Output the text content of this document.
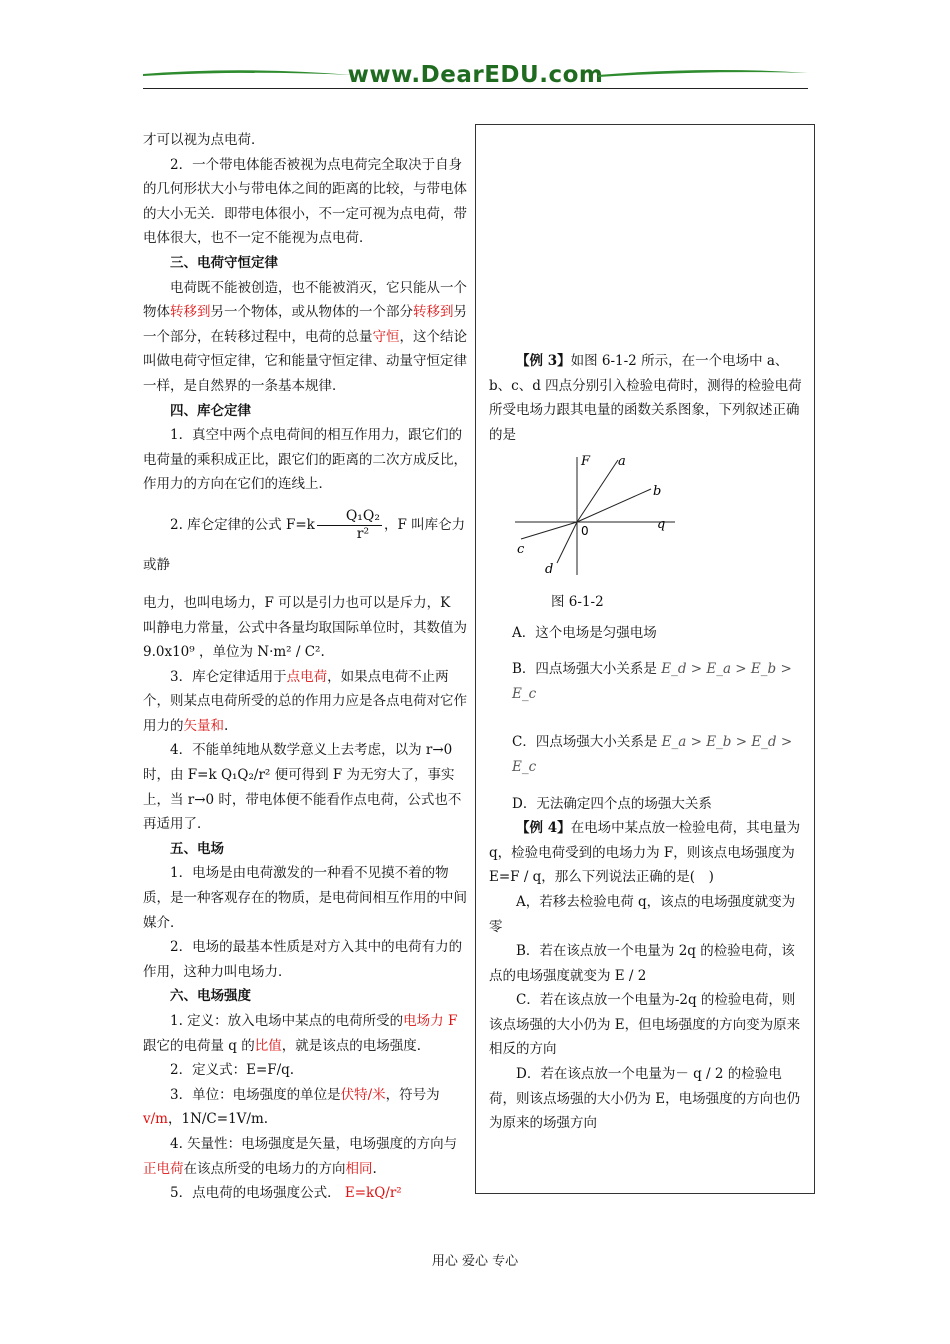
www.DearEDU.com

才可以视为点电荷．

2．一个带电体能否被视为点电荷完全取决于自身的几何形状大小与带电体之间的距离的比较，与带电体的大小无关．即带电体很小，不一定可视为点电荷，带电体很大，也不一定不能视为点电荷．

三、电荷守恒定律

电荷既不能被创造，也不能被消灭，它只能从一个物体转移到另一个物体，或从物体的一个部分转移到另一个部分，在转移过程中，电荷的总量守恒，这个结论叫做电荷守恒定律，它和能量守恒定律、动量守恒定律一样，是自然界的一条基本规律．

四、库仑定律

1．真空中两个点电荷间的相互作用力，跟它们的电荷量的乘积成正比，跟它们的距离的二次方成反比，作用力的方向在它们的连线上．

2. 库仑定律的公式 $F=k \frac{\text{Q₁Q₂}}{\text{r²}}$ ，F 叫库仑力或静

电力，也叫电场力，F 可以是引力也可以是斥力，K 叫静电力常量，公式中各量均取国际单位时，其数值为 9.0x10⁹ ，单位为 N·m² / C².

3．库仑定律适用于点电荷，如果点电荷不止两个，则某点电荷所受的总的作用力应是各点电荷对它作用力的矢量和.

4．不能单纯地从数学意义上去考虑，以为 r→0 时，由 F=k Q₁Q₂/r² 便可得到 F 为无穷大了，事实上，当 r→0 时，带电体便不能看作点电荷，公式也不再适用了．

五、电场

1．电场是由电荷激发的一种看不见摸不着的物质，是一种客观存在的物质，是电荷间相互作用的中间媒介．

2．电场的最基本性质是对方入其中的电荷有力的作用，这种力叫电场力．

六、电场强度

1. 定义：放入电场中某点的电荷所受的电场力 F跟它的电荷量 q 的比值，就是该点的电场强度．

2．定义式：E=F/q.

3．单位：电场强度的单位是伏特/米，符号为v/m，1N/C=1V/m.

4. 矢量性：电场强度是矢量，电场强度的方向与正电荷在该点所受的电场力的方向相同.

5．点电荷的电场强度公式． E=kQ/r²

【例 3】如图 6-1-2 所示，在一个电场中 a、b、c、d 四点分别引入检验电荷时，测得的检验电荷所受电场力跟其电量的函数关系图象，下列叙述正确的是

F a
b
q
0
c
d

图 6-1-2

A．这个电场是匀强电场

B．四点场强大小关系是 E_d > E_a > E_b > E_c

C．四点场强大小关系是 E_a > E_b > E_d > E_c

D．无法确定四个点的场强大关系

【例 4】在电场中某点放一检验电荷，其电量为 q，检验电荷受到的电场力为 F，则该点电场强度为 E=F / q，那么下列说法正确的是(　)

A，若移去检验电荷 q，该点的电场强度就变为零

B．若在该点放一个电量为 2q 的检验电荷，该点的电场强度就变为 E / 2

C．若在该点放一个电量为-2q 的检验电荷，则该点场强的大小仍为 E，但电场强度的方向变为原来相反的方向

D．若在该点放一个电量为－ q / 2 的检验电荷，则该点场强的大小仍为 E，电场强度的方向也仍为原来的场强方向

用心 爱心 专心
